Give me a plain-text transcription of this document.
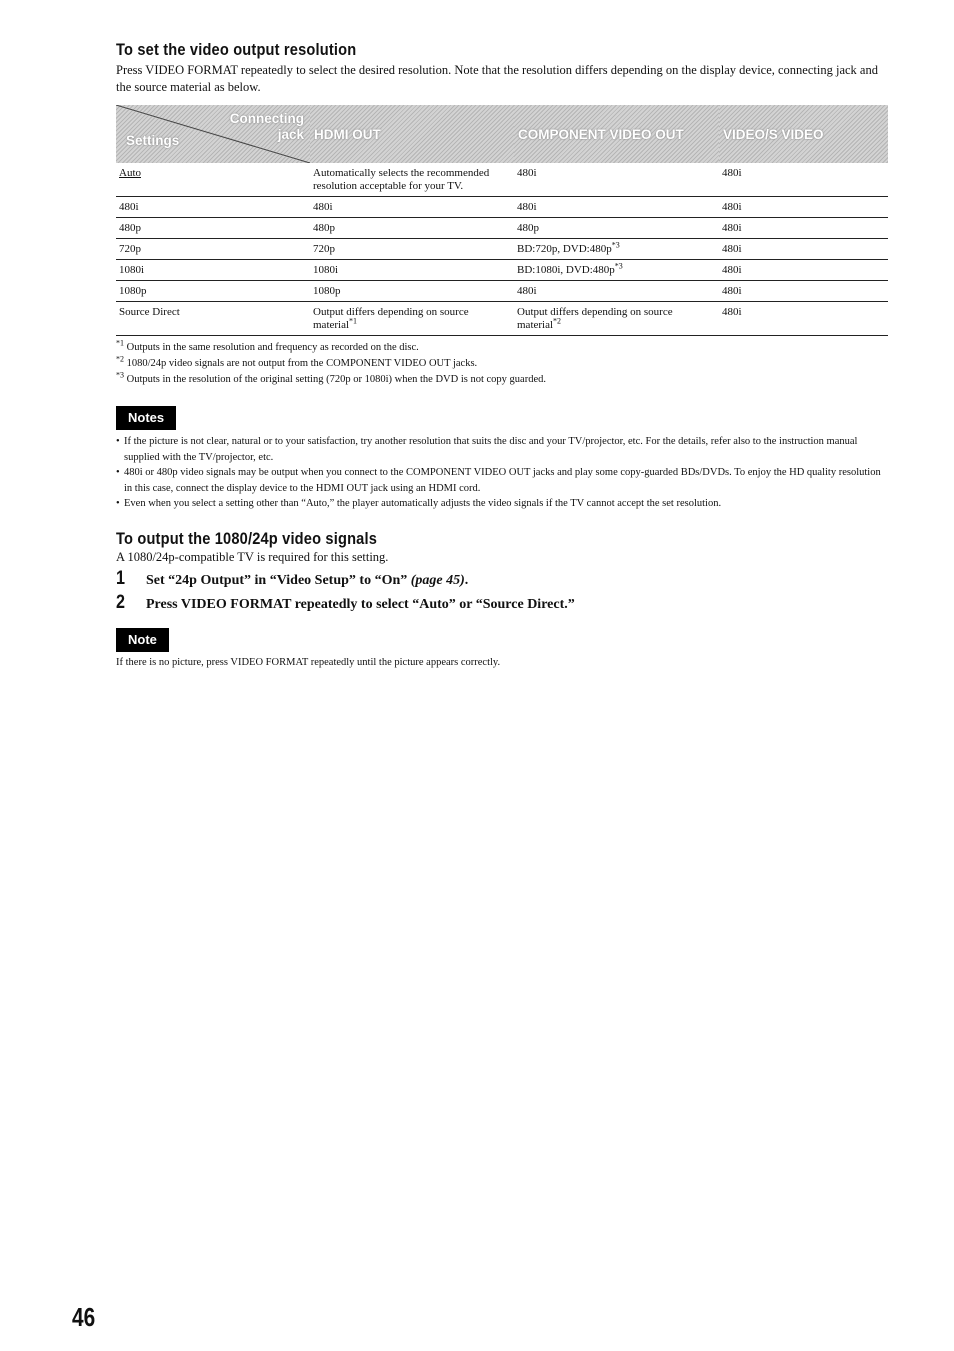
To set the video output resolution

Press VIDEO FORMAT repeatedly to select the desired resolution. Note that the resolution differs depending on the display device, connecting jack and the source material as below.

Connecting
jack
Settings	HDMI OUT	COMPONENT VIDEO OUT	VIDEO/S VIDEO
Auto	Automatically selects the recommended resolution acceptable for your TV.	480i	480i
480i	480i	480i	480i
480p	480p	480p	480i
720p	720p	BD:720p, $DVD:480p^{*3}$	480i
1080i	1080i	BD:1080i, $DVD:480p^{*3}$	480i
1080p	1080p	480i	480i
Source Direct	Output differs depending on source material$^{*1}$	Output differs depending on source material$^{*2}$	480i
$^{*1}$ Outputs in the same resolution and frequency as recorded on the disc.
$^{*2}$ 1080/24p video signals are not output from the COMPONENT VIDEO OUT jacks.
$^{*3}$ Outputs in the resolution of the original setting (720p or 1080i) when the DVD is not copy guarded.
Notes
• If the picture is not clear, natural or to your satisfaction, try another resolution that suits the disc and your TV/projector, etc. For the details, refer also to the instruction manual supplied with the TV/projector, etc.
• 480i or 480p video signals may be output when you connect to the COMPONENT VIDEO OUT jacks and play some copy-guarded BDs/DVDs. To enjoy the HD quality resolution in this case, connect the display device to the HDMI OUT jack using an HDMI cord.
• Even when you select a setting other than “Auto,” the player automatically adjusts the video signals if the TV cannot accept the set resolution.
To output the 1080/24p video signals
A 1080/24p-compatible TV is required for this setting.
1	Set “24p Output” in “Video Setup” to “On” (page 45).
2	Press VIDEO FORMAT repeatedly to select “Auto” or “Source Direct.”
Note
If there is no picture, press VIDEO FORMAT repeatedly until the picture appears correctly.
46
